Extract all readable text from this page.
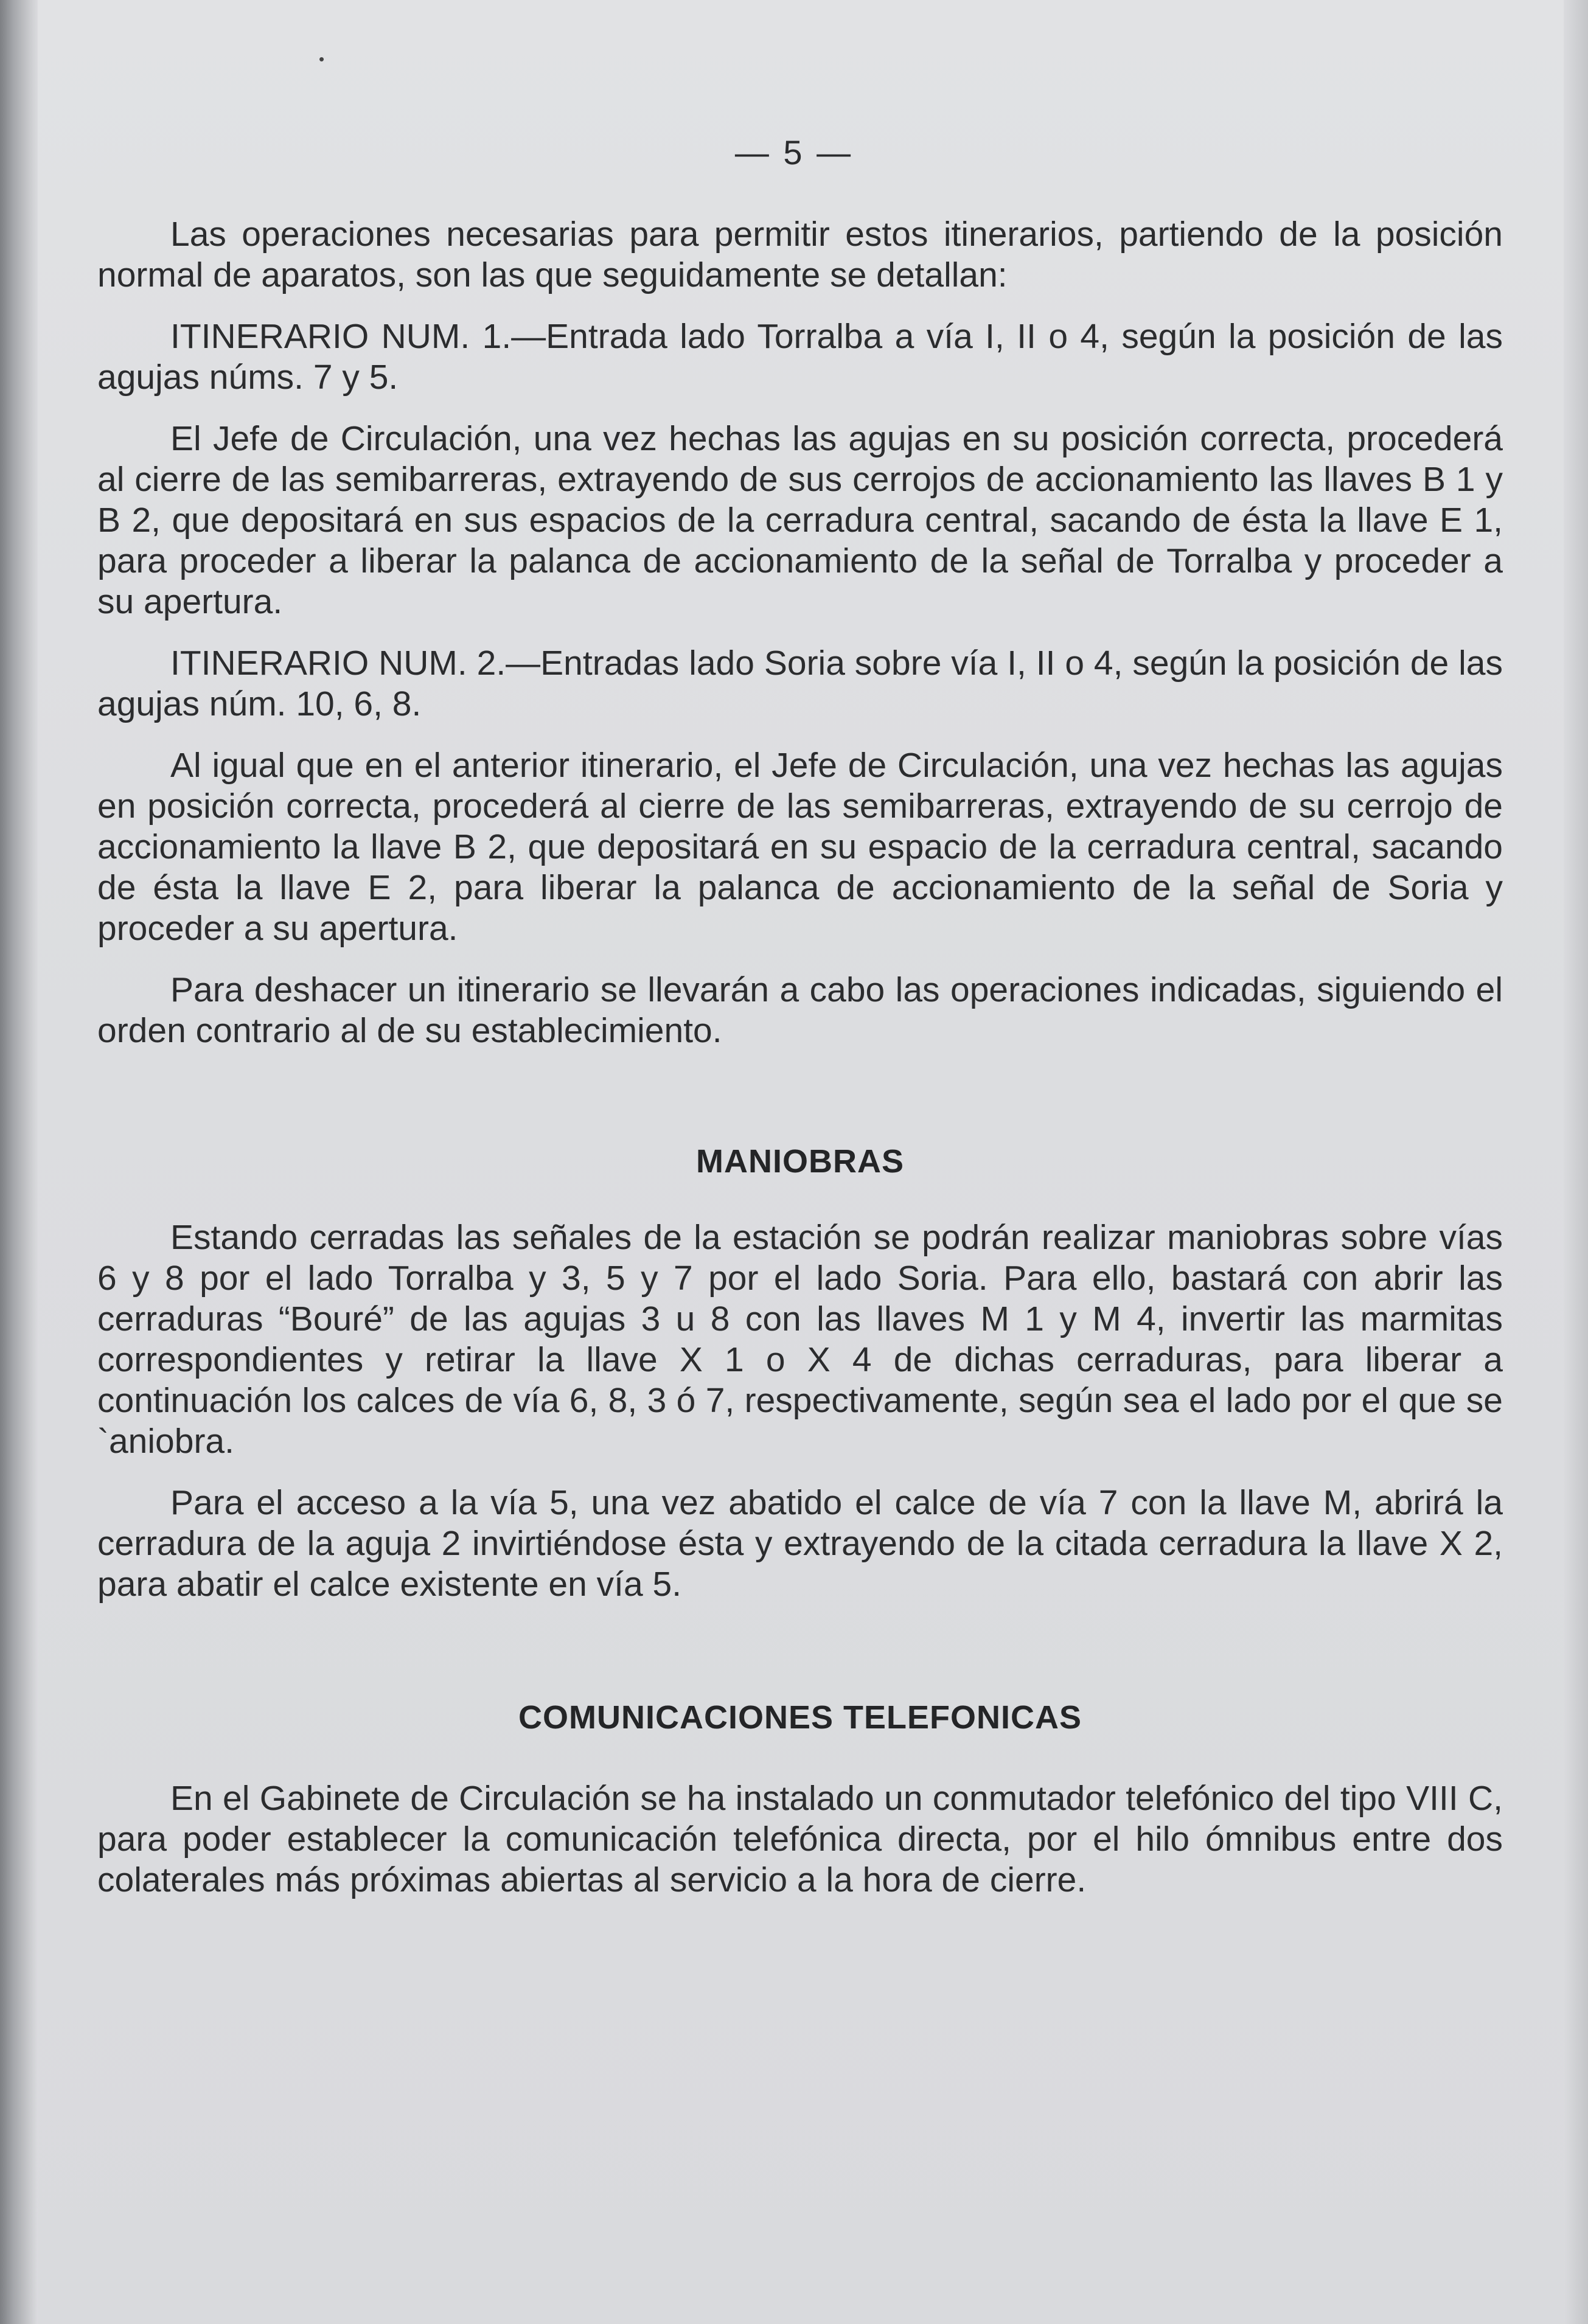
•
— 5 —

Las operaciones necesarias para permitir estos itinerarios, partiendo de la posición normal de aparatos, son las que seguidamente se detallan:

ITINERARIO NUM. 1.—Entrada lado Torralba a vía I, II o 4, según la posición de las agujas núms. 7 y 5.

El Jefe de Circulación, una vez hechas las agujas en su posición correcta, procederá al cierre de las semibarreras, extrayendo de sus cerrojos de accionamiento las llaves B 1 y B 2, que depositará en sus espacios de la cerradura central, sacando de ésta la llave E 1, para proceder a liberar la palanca de accionamiento de la señal de Torralba y proceder a su apertura.

ITINERARIO NUM. 2.—Entradas lado Soria sobre vía I, II o 4, según la posición de las agujas núm. 10, 6, 8.

Al igual que en el anterior itinerario, el Jefe de Circulación, una vez hechas las agujas en posición correcta, procederá al cierre de las semibarreras, extrayendo de su cerrojo de accionamiento la llave B 2, que depositará en su espacio de la cerradura central, sacando de ésta la llave E 2, para liberar la palanca de accionamiento de la señal de Soria y proceder a su apertura.

Para deshacer un itinerario se llevarán a cabo las operaciones indicadas, siguiendo el orden contrario al de su establecimiento.

MANIOBRAS

Estando cerradas las señales de la estación se podrán realizar maniobras sobre vías 6 y 8 por el lado Torralba y 3, 5 y 7 por el lado Soria. Para ello, bastará con abrir las cerraduras “Bouré” de las agujas 3 u 8 con las llaves M 1 y M 4, invertir las marmitas correspondientes y retirar la llave X 1 o X 4 de dichas cerraduras, para liberar a continuación los calces de vía 6, 8, 3 ó 7, respectivamente, según sea el lado por el que se `aniobra.

Para el acceso a la vía 5, una vez abatido el calce de vía 7 con la llave M, abrirá la cerradura de la aguja 2 invirtiéndose ésta y extrayendo de la citada cerradura la llave X 2, para abatir el calce existente en vía 5.

COMUNICACIONES TELEFONICAS

En el Gabinete de Circulación se ha instalado un conmutador telefónico del tipo VIII C, para poder establecer la comunicación telefónica directa, por el hilo ómnibus entre dos colaterales más próximas abiertas al servicio a la hora de cierre.
